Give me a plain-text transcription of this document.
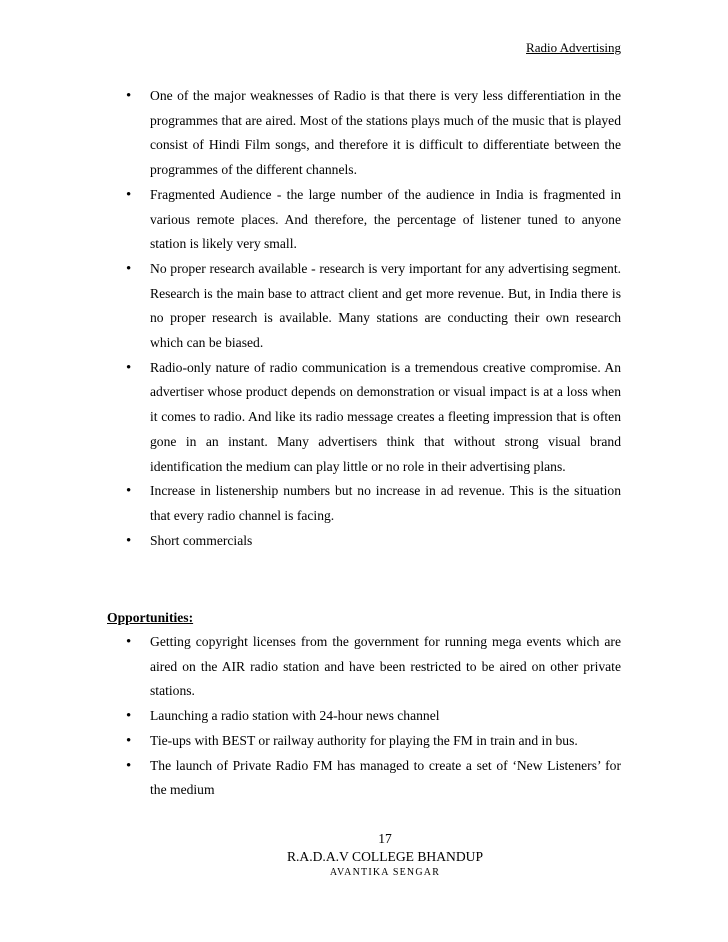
Radio Advertising
• One of the major weaknesses of Radio is that there is very less differentiation in the programmes that are aired. Most of the stations plays much of the music that is played consist of Hindi Film songs, and therefore it is difficult to differentiate between the programmes of the different channels.
• Fragmented Audience - the large number of the audience in India is fragmented in various remote places. And therefore, the percentage of listener tuned to anyone station is likely very small.
• No proper research available - research is very important for any advertising segment. Research is the main base to attract client and get more revenue. But, in India there is no proper research is available. Many stations are conducting their own research which can be biased.
• Radio-only nature of radio communication is a tremendous creative compromise. An advertiser whose product depends on demonstration or visual impact is at a loss when it comes to radio. And like its radio message creates a fleeting impression that is often gone in an instant. Many advertisers think that without strong visual brand identification the medium can play little or no role in their advertising plans.
• Increase in listenership numbers but no increase in ad revenue. This is the situation that every radio channel is facing.
• Short commercials
Opportunities:
• Getting copyright licenses from the government for running mega events which are aired on the AIR radio station and have been restricted to be aired on other private stations.
• Launching a radio station with 24-hour news channel
• Tie-ups with BEST or railway authority for playing the FM in train and in bus.
• The launch of Private Radio FM has managed to create a set of ‘New Listeners’ for the medium
17
R.A.D.A.V COLLEGE BHANDUP
AVANTIKA SENGAR
